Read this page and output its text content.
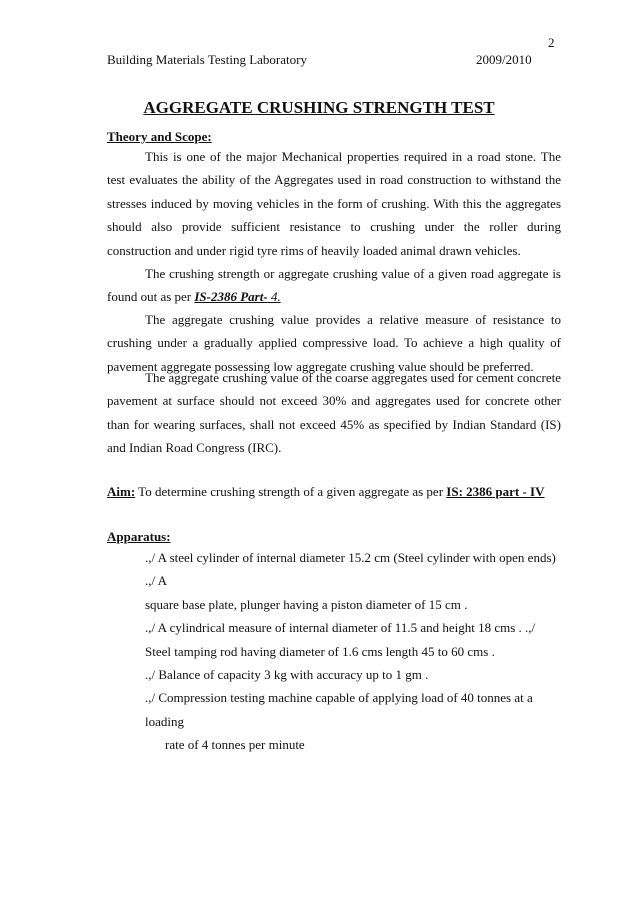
2
Building Materials Testing Laboratory	2009/2010
AGGREGATE CRUSHING STRENGTH TEST
Theory and Scope:

This is one of the major Mechanical properties required in a road stone. The test evaluates the ability of the Aggregates used in road construction to withstand the stresses induced by moving vehicles in the form of crushing. With this the aggregates should also provide sufficient resistance to crushing under the roller during construction and under rigid tyre rims of heavily loaded animal drawn vehicles.

The crushing strength or aggregate crushing value of a given road aggregate is found out as per IS-2386 Part- 4.

The aggregate crushing value provides a relative measure of resistance to crushing under a gradually applied compressive load. To achieve a high quality of pavement aggregate possessing low aggregate crushing value should be preferred.

The aggregate crushing value of the coarse aggregates used for cement concrete pavement at surface should not exceed 30% and aggregates used for concrete other than for wearing surfaces, shall not exceed 45% as specified by Indian Standard (IS) and Indian Road Congress (IRC).

Aim: To determine crushing strength of a given aggregate as per IS: 2386 part - IV
Apparatus:
.,/ A steel cylinder of internal diameter 15.2 cm (Steel cylinder with open ends) .,/ A
square base plate, plunger having a piston diameter of 15 cm .
.,/ A cylindrical measure of internal diameter of 11.5 and height 18 cms . .,/
Steel tamping rod having diameter of 1.6 cms length 45 to 60 cms .
.,/ Balance of capacity 3 kg with accuracy up to 1 gm .
.,/ Compression testing machine capable of applying load of 40 tonnes at a loading
rate of 4 tonnes per minute
